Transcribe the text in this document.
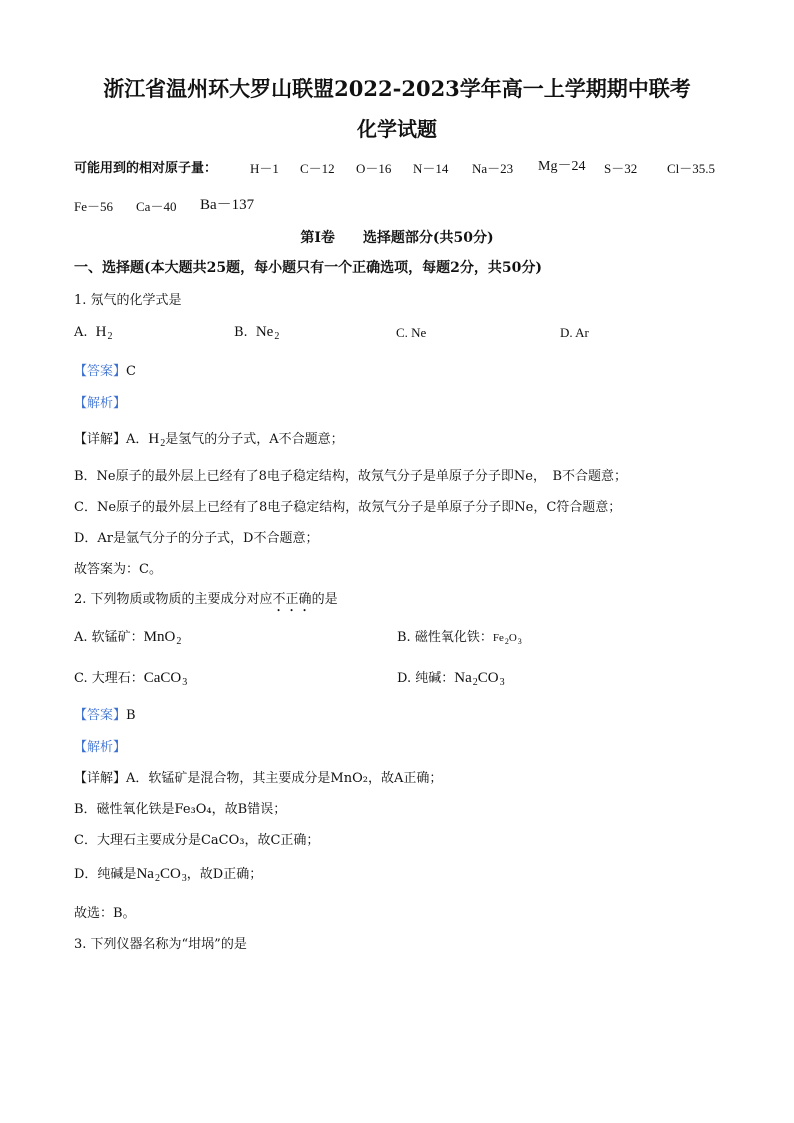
浙江省温州环大罗山联盟2022-2023学年高一上学期期中联考
化学试题
可能用到的相对原子量：	H－1 C－12 O－16 N－14 Na－23 Mg－24 S－32 Cl－35.5
Fe－56 Ca－40 Ba－137
第Ⅰ卷　　选择题部分(共50分)
一、选择题(本大题共25题，每小题只有一个正确选项，每题2分，共50分)
1. 氖气的化学式是
A. $H_2$	B. $Ne_2$	C. Ne	D. Ar
【答案】C
【解析】
【详解】A．$H_2$是氢气的分子式，A不合题意；
B．Ne原子的最外层上已经有了8电子稳定结构，故氖气分子是单原子分子即Ne，　B不合题意；
C．Ne原子的最外层上已经有了8电子稳定结构，故氖气分子是单原子分子即Ne，C符合题意；
D．Ar是氩气分子的分子式，D不合题意；
故答案为：C。
2. 下列物质或物质的主要成分对应不正确的是
A. 软锰矿：MnO$_2$	B. 磁性氧化铁：$Fe_2O_3$
C. 大理石：CaCO$_3$	D. 纯碱：$Na_2CO_3$
【答案】B
【解析】
【详解】A．软锰矿是混合物，其主要成分是MnO₂，故A正确；
B．磁性氧化铁是Fe₃O₄，故B错误；
C．大理石主要成分是CaCO₃，故C正确；
D．纯碱是$Na_2CO_3$，故D正确；
故选：B。
3. 下列仪器名称为“坩埚”的是
